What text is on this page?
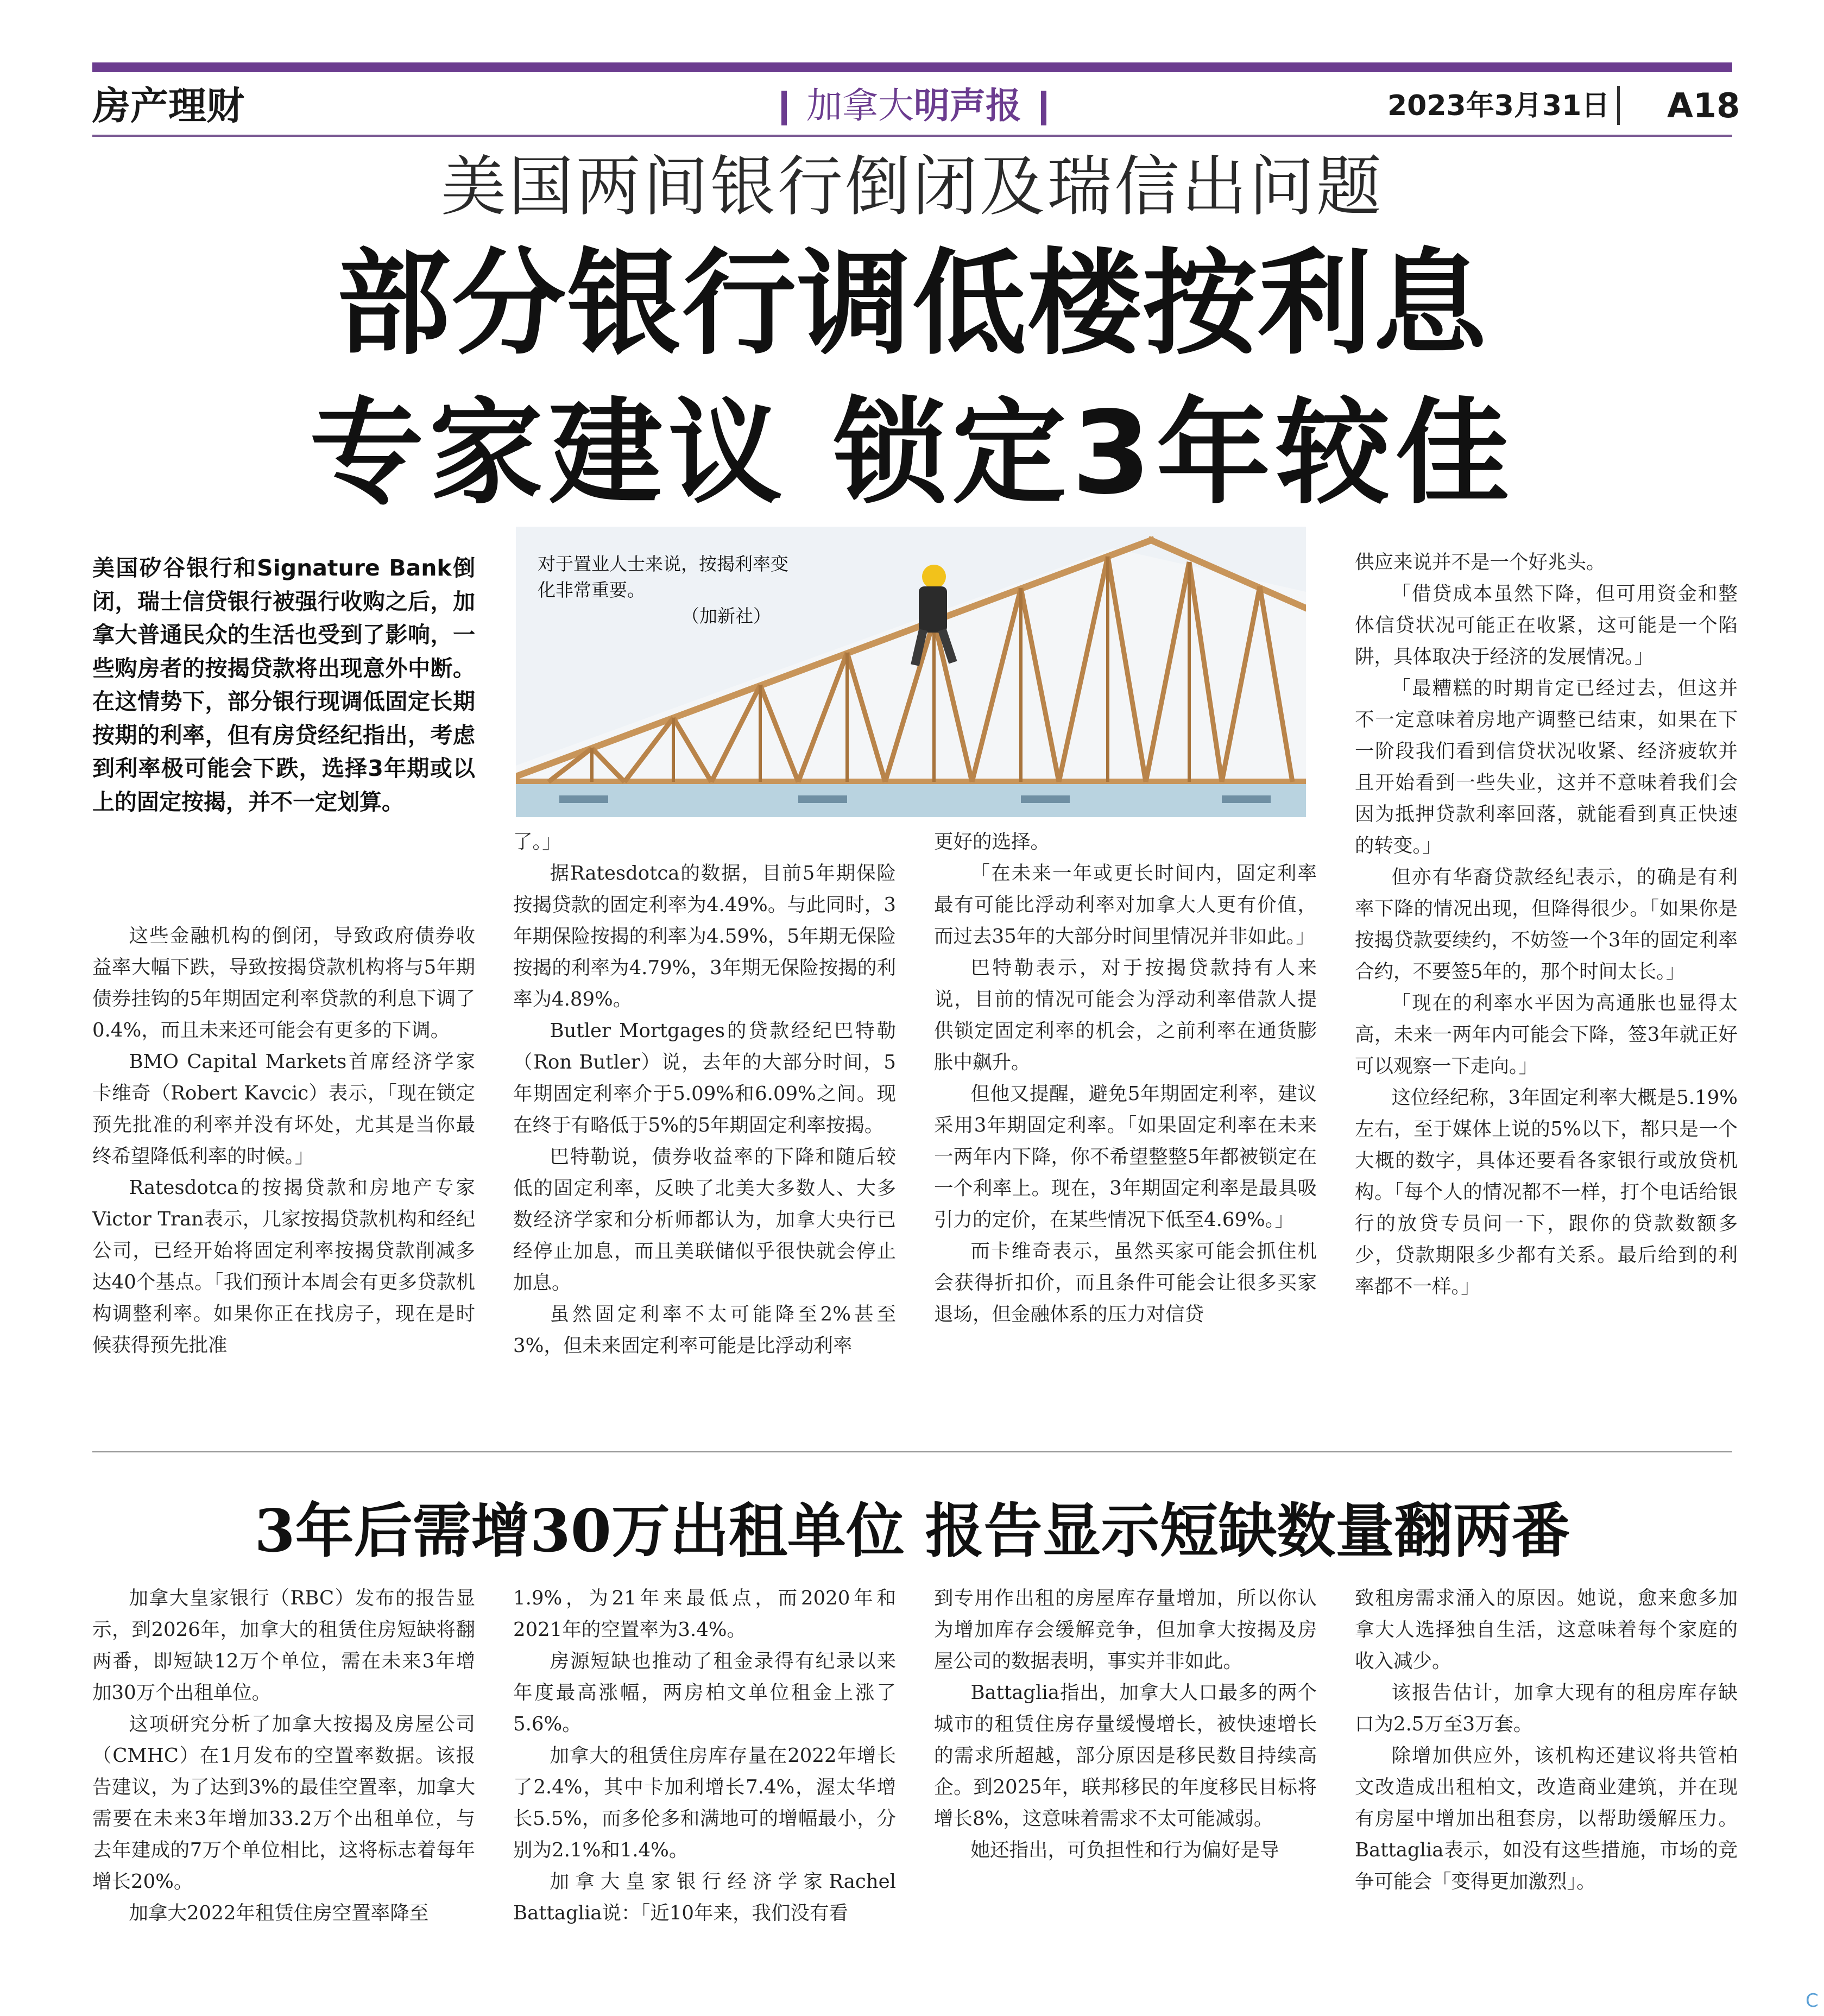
房产理财	加拿大明声报	2023年3月31日 A18
美国两间银行倒闭及瑞信出问题
部分银行调低楼按利息
专家建议 锁定3年较佳
美国矽谷银行和Signature Bank倒闭，瑞士信贷银行被强行收购之后，加拿大普通民众的生活也受到了影响，一些购房者的按揭贷款将出现意外中断。在这情势下，部分银行现调低固定长期按期的利率，但有房贷经纪指出，考虑到利率极可能会下跌，选择3年期或以上的固定按揭，并不一定划算。
对于置业人士来说，按揭利率变化非常重要。
（加新社）

这些金融机构的倒闭，导致政府债券收益率大幅下跌，导致按揭贷款机构将与5年期债券挂钩的5年期固定利率贷款的利息下调了0.4%，而且未来还可能会有更多的下调。

BMO Capital Markets首席经济学家卡维奇（Robert Kavcic）表示，「现在锁定预先批准的利率并没有坏处，尤其是当你最终希望降低利率的时候。」

Ratesdotca的按揭贷款和房地产专家Victor Tran表示，几家按揭贷款机构和经纪公司，已经开始将固定利率按揭贷款削减多达40个基点。「我们预计本周会有更多贷款机构调整利率。如果你正在找房子，现在是时候获得预先批准

了。」

据Ratesdotca的数据，目前5年期保险按揭贷款的固定利率为4.49%。与此同时，3年期保险按揭的利率为4.59%，5年期无保险按揭的利率为4.79%，3年期无保险按揭的利率为4.89%。

Butler Mortgages的贷款经纪巴特勒（Ron Butler）说，去年的大部分时间，5年期固定利率介于5.09%和6.09%之间。现在终于有略低于5%的5年期固定利率按揭。

巴特勒说，债券收益率的下降和随后较低的固定利率，反映了北美大多数人、大多数经济学家和分析师都认为，加拿大央行已经停止加息，而且美联储似乎很快就会停止加息。

虽然固定利率不太可能降至2%甚至3%，但未来固定利率可能是比浮动利率

更好的选择。

「在未来一年或更长时间内，固定利率最有可能比浮动利率对加拿大人更有价值，而过去35年的大部分时间里情况并非如此。」

巴特勒表示，对于按揭贷款持有人来说，目前的情况可能会为浮动利率借款人提供锁定固定利率的机会，之前利率在通货膨胀中飙升。

但他又提醒，避免5年期固定利率，建议采用3年期固定利率。「如果固定利率在未来一两年内下降，你不希望整整5年都被锁定在一个利率上。现在，3年期固定利率是最具吸引力的定价，在某些情况下低至4.69%。」

而卡维奇表示，虽然买家可能会抓住机会获得折扣价，而且条件可能会让很多买家退场，但金融体系的压力对信贷

供应来说并不是一个好兆头。

「借贷成本虽然下降，但可用资金和整体信贷状况可能正在收紧，这可能是一个陷阱，具体取决于经济的发展情况。」

「最糟糕的时期肯定已经过去，但这并不一定意味着房地产调整已结束，如果在下一阶段我们看到信贷状况收紧、经济疲软并且开始看到一些失业，这并不意味着我们会因为抵押贷款利率回落，就能看到真正快速的转变。」

但亦有华裔贷款经纪表示，的确是有利率下降的情况出现，但降得很少。「如果你是按揭贷款要续约，不妨签一个3年的固定利率合约，不要签5年的，那个时间太长。」

「现在的利率水平因为高通胀也显得太高，未来一两年内可能会下降，签3年就正好可以观察一下走向。」

这位经纪称，3年固定利率大概是5.19%左右，至于媒体上说的5%以下，都只是一个大概的数字，具体还要看各家银行或放贷机构。「每个人的情况都不一样，打个电话给银行的放贷专员问一下，跟你的贷款数额多少，贷款期限多少都有关系。最后给到的利率都不一样。」

3年后需增30万出租单位 报告显示短缺数量翻两番

加拿大皇家银行（RBC）发布的报告显示，到2026年，加拿大的租赁住房短缺将翻两番，即短缺12万个单位，需在未来3年增加30万个出租单位。

这项研究分析了加拿大按揭及房屋公司（CMHC）在1月发布的空置率数据。该报告建议，为了达到3%的最佳空置率，加拿大需要在未来3年增加33.2万个出租单位，与去年建成的7万个单位相比，这将标志着每年增长20%。

加拿大2022年租赁住房空置率降至

1.9%，为21年来最低点，而2020年和2021年的空置率为3.4%。

房源短缺也推动了租金录得有纪录以来年度最高涨幅，两房柏文单位租金上涨了5.6%。

加拿大的租赁住房库存量在2022年增长了2.4%，其中卡加利增长7.4%，渥太华增长5.5%，而多伦多和满地可的增幅最小，分别为2.1%和1.4%。

加拿大皇家银行经济学家Rachel Battaglia说：「近10年来，我们没有看

到专用作出租的房屋库存量增加，所以你认为增加库存会缓解竞争，但加拿大按揭及房屋公司的数据表明，事实并非如此。

Battaglia指出，加拿大人口最多的两个城市的租赁住房存量缓慢增长，被快速增长的需求所超越，部分原因是移民数目持续高企。到2025年，联邦移民的年度移民目标将增长8%，这意味着需求不太可能减弱。

她还指出，可负担性和行为偏好是导

致租房需求涌入的原因。她说，愈来愈多加拿大人选择独自生活，这意味着每个家庭的收入减少。

该报告估计，加拿大现有的租房库存缺口为2.5万至3万套。

除增加供应外，该机构还建议将共管柏文改造成出租柏文，改造商业建筑，并在现有房屋中增加出租套房，以帮助缓解压力。Battaglia表示，如没有这些措施，市场的竞争可能会「变得更加激烈」。

C
